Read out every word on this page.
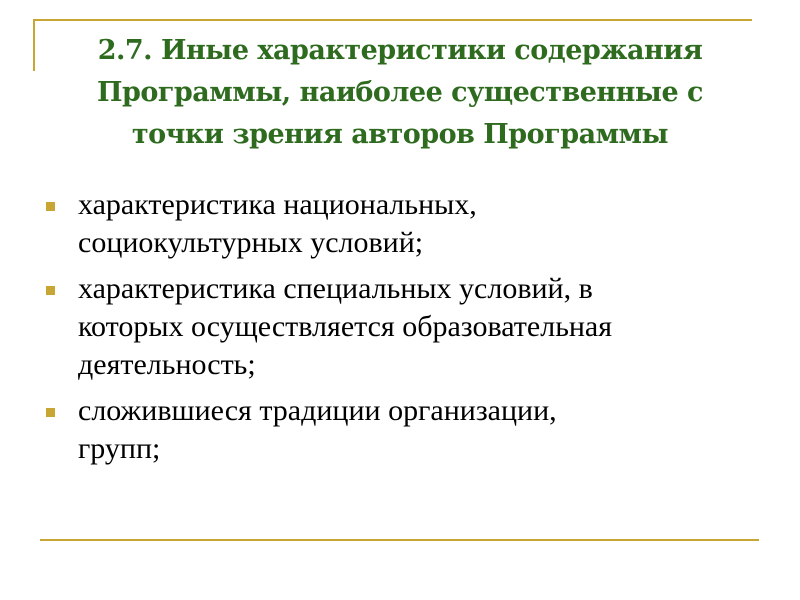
2.7. Иные характеристики содержания
Программы, наиболее существенные с
точки зрения авторов Программы
характеристика национальных,
социокультурных условий;
характеристика специальных условий, в
которых осуществляется образовательная
деятельность;
сложившиеся традиции организации,
групп;
